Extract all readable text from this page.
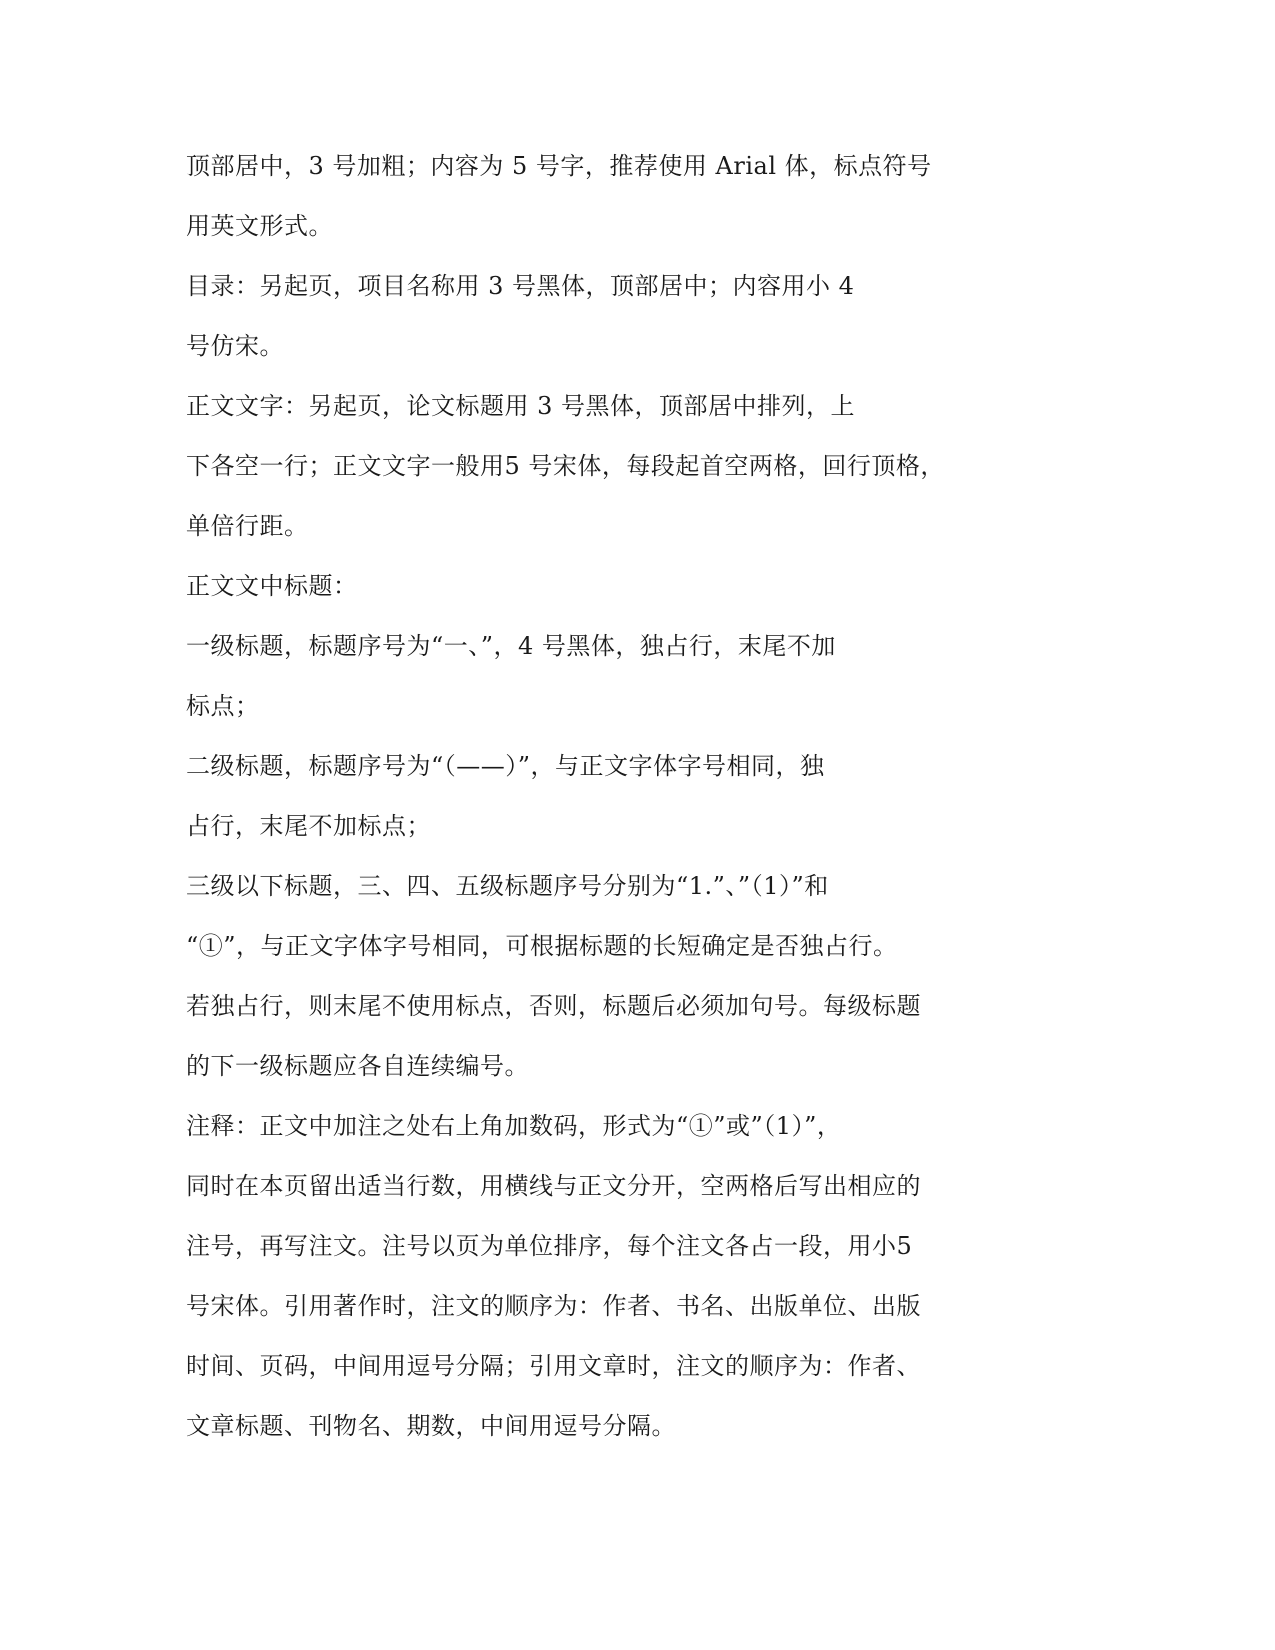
顶部居中，3 号加粗；内容为 5 号字，推荐使用 Arial 体，标点符号
用英文形式。
目录：另起页，项目名称用 3 号黑体，顶部居中；内容用小 4
号仿宋。
正文文字：另起页，论文标题用 3 号黑体，顶部居中排列，上
下各空一行；正文文字一般用5 号宋体，每段起首空两格，回行顶格，
单倍行距。
正文文中标题：
一级标题，标题序号为“一、”，4 号黑体，独占行，末尾不加
标点；
二级标题，标题序号为“（——）”，与正文字体字号相同，独
占行，末尾不加标点；
三级以下标题，三、四、五级标题序号分别为“1.”、”（1）”和
“①”，与正文字体字号相同，可根据标题的长短确定是否独占行。
若独占行，则末尾不使用标点，否则，标题后必须加句号。每级标题
的下一级标题应各自连续编号。
注释：正文中加注之处右上角加数码，形式为“①”或”（1）”，
同时在本页留出适当行数，用横线与正文分开，空两格后写出相应的
注号，再写注文。注号以页为单位排序，每个注文各占一段，用小5
号宋体。引用著作时，注文的顺序为：作者、书名、出版单位、出版
时间、页码，中间用逗号分隔；引用文章时，注文的顺序为：作者、
文章标题、刊物名、期数，中间用逗号分隔。
